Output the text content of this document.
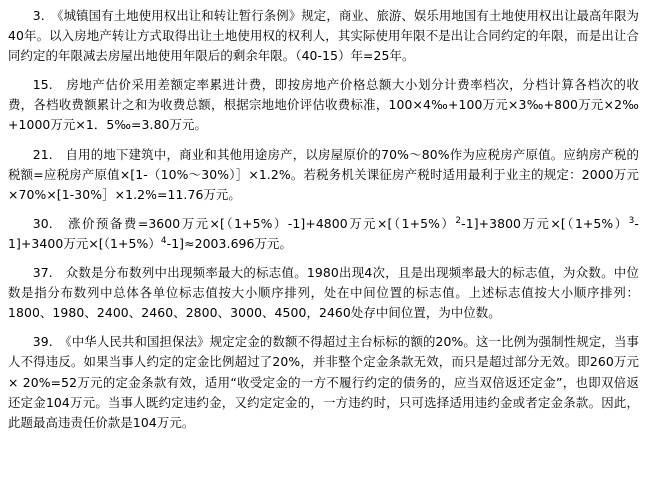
3.　《城镇国有土地使用权出让和转让暂行条例》规定，商业、旅游、娱乐用地国有土地使用权出让最高年限为40年。以入房地产转让方式取得出让土地使用权的权利人，其实际使用年限不是出让合同约定的年限，而是出让合同约定的年限减去房屋出地使用年限后的剩余年限。（40-15）年=25年。

15.　房地产估价采用差额定率累进计费，即按房地产价格总额大小划分计费率档次，分档计算各档次的收费，各档收费额累计之和为收费总额，根据宗地地价评估收费标准，100×4‰+100万元×3‰+800万元×2‰+1000万元×1．5‰=3.80万元。

21.　自用的地下建筑中，商业和其他用途房产，以房屋原价的70%～80%作为应税房产原值。应纳房产税的税额=应税房产原值×[1-（10%～30%）］×1.2%。若税务机关课征房产税时适用最利于业主的规定：2000万元×70%×[1-30%］×1.2%=11.76万元。

30.　涨价预备费=3600万元×[（1+5%）-1]+4800万元$\times[(1+5\%)^2-1]+3800$万元$\times[(1+5\%)^3-1]+3400$万元$\times[(1+5\%)^4-1]\approx 2003.696$万元。

37.　众数是分布数列中出现频率最大的标志值。1980出现4次，且是出现频率最大的标志值，为众数。中位数是指分布数列中总体各单位标志值按大小顺序排列，处在中间位置的标志值。上述标志值按大小顺序排列：1800、1980、2400、2460、2800、3000、4500，2460处存中间位置，为中位数。

39.　《中华人民共和国担保法》规定定金的数额不得超过主台标标的额的20%。这一比例为强制性规定，当事人不得违反。如果当事人约定的定金比例超过了20%，并非整个定金条款无效，而只是超过部分无效。即260万元× 20%=52万元的定金条款有效，适用“收受定金的一方不履行约定的债务的，应当双倍返还定金”，也即双倍返还定金104万元。当事人既约定违约金，又约定定金的，一方违约时，只可选择适用违约金或者定金条款。因此，此题最高违责任价款是104万元。
